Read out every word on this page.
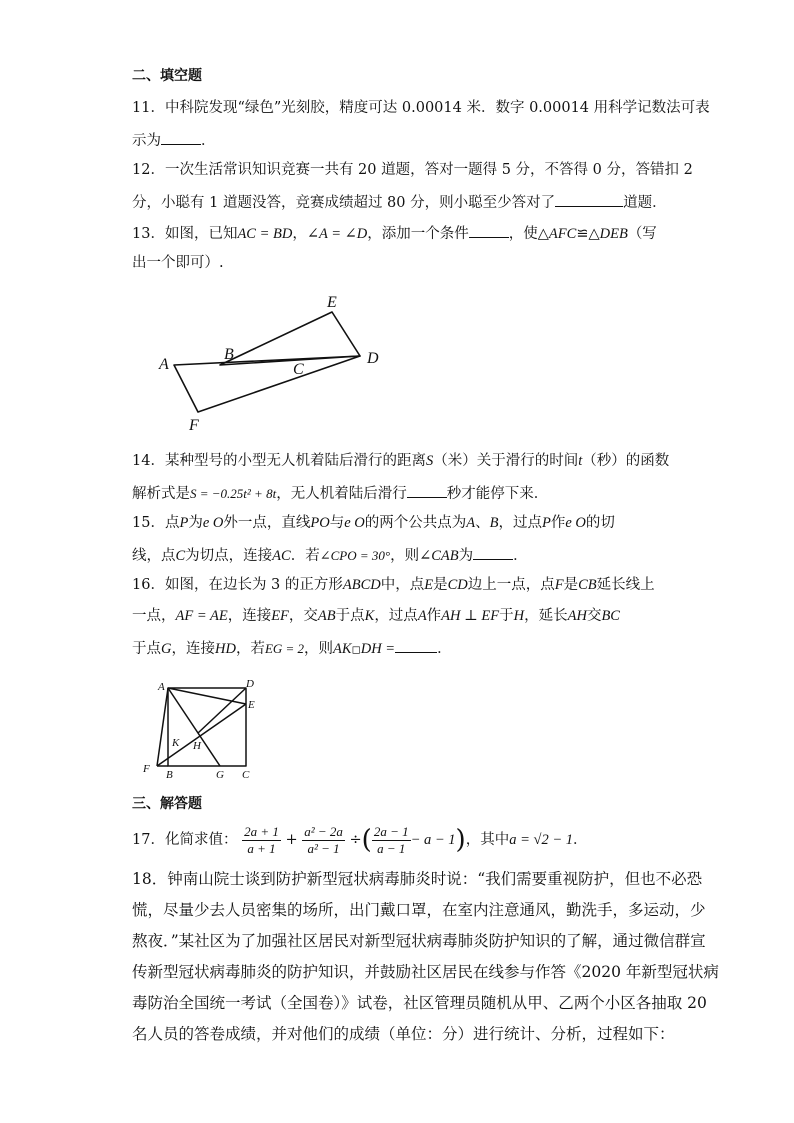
二、填空题
11．中科院发现“绿色”光刻胶，精度可达 0.00014 米．数字 0.00014 用科学记数法可表
示为	．
12．一次生活常识知识竞赛一共有 20 道题，答对一题得 5 分，不答得 0 分，答错扣 2
分，小聪有 1 道题没答，竞赛成绩超过 80 分，则小聪至少答对了	道题．
13．如图，已知AC = BD，∠A = ∠D，添加一个条件	，使△AFC≌△DEB（写
出一个即可）.
A
B
C
D
E
F
14．某种型号的小型无人机着陆后滑行的距离S（米）关于滑行的时间t（秒）的函数
解析式是S = −0.25t² + 8t，无人机着陆后滑行	秒才能停下来．
15．点P为e O外一点，直线PO与e O的两个公共点为A、B，过点P作e O的切
线，点C为切点，连接AC．若∠CPO = 30°，则∠CAB为	．
16．如图，在边长为 3 的正方形ABCD中，点E是CD边上一点，点F是CB延长线上
一点，AF = AE，连接EF，交AB于点K，过点A作AH ⊥ EF于H，延长AH交BC
于点G，连接HD，若EG = 2，则AK◻DH =	．
A
B	C
D
E
F	G
H
K
三、解答题
17．化简求值： $\frac{2a + 1}{a + 1} + \frac{\text{a² − 2a}}{\text{a² − 1}}$ ÷( $\frac{2a - 1}{a - 1} - a - 1$)，其中a = √2 − 1．
18．钟南山院士谈到防护新型冠状病毒肺炎时说：“我们需要重视防护，但也不必恐
慌，尽量少去人员密集的场所，出门戴口罩，在室内注意通风，勤洗手，多运动，少
熬夜．”某社区为了加强社区居民对新型冠状病毒肺炎防护知识的了解，通过微信群宣
传新型冠状病毒肺炎的防护知识，并鼓励社区居民在线参与作答《2020 年新型冠状病
毒防治全国统一考试（全国卷）》试卷，社区管理员随机从甲、乙两个小区各抽取 20
名人员的答卷成绩，并对他们的成绩（单位：分）进行统计、分析，过程如下：
